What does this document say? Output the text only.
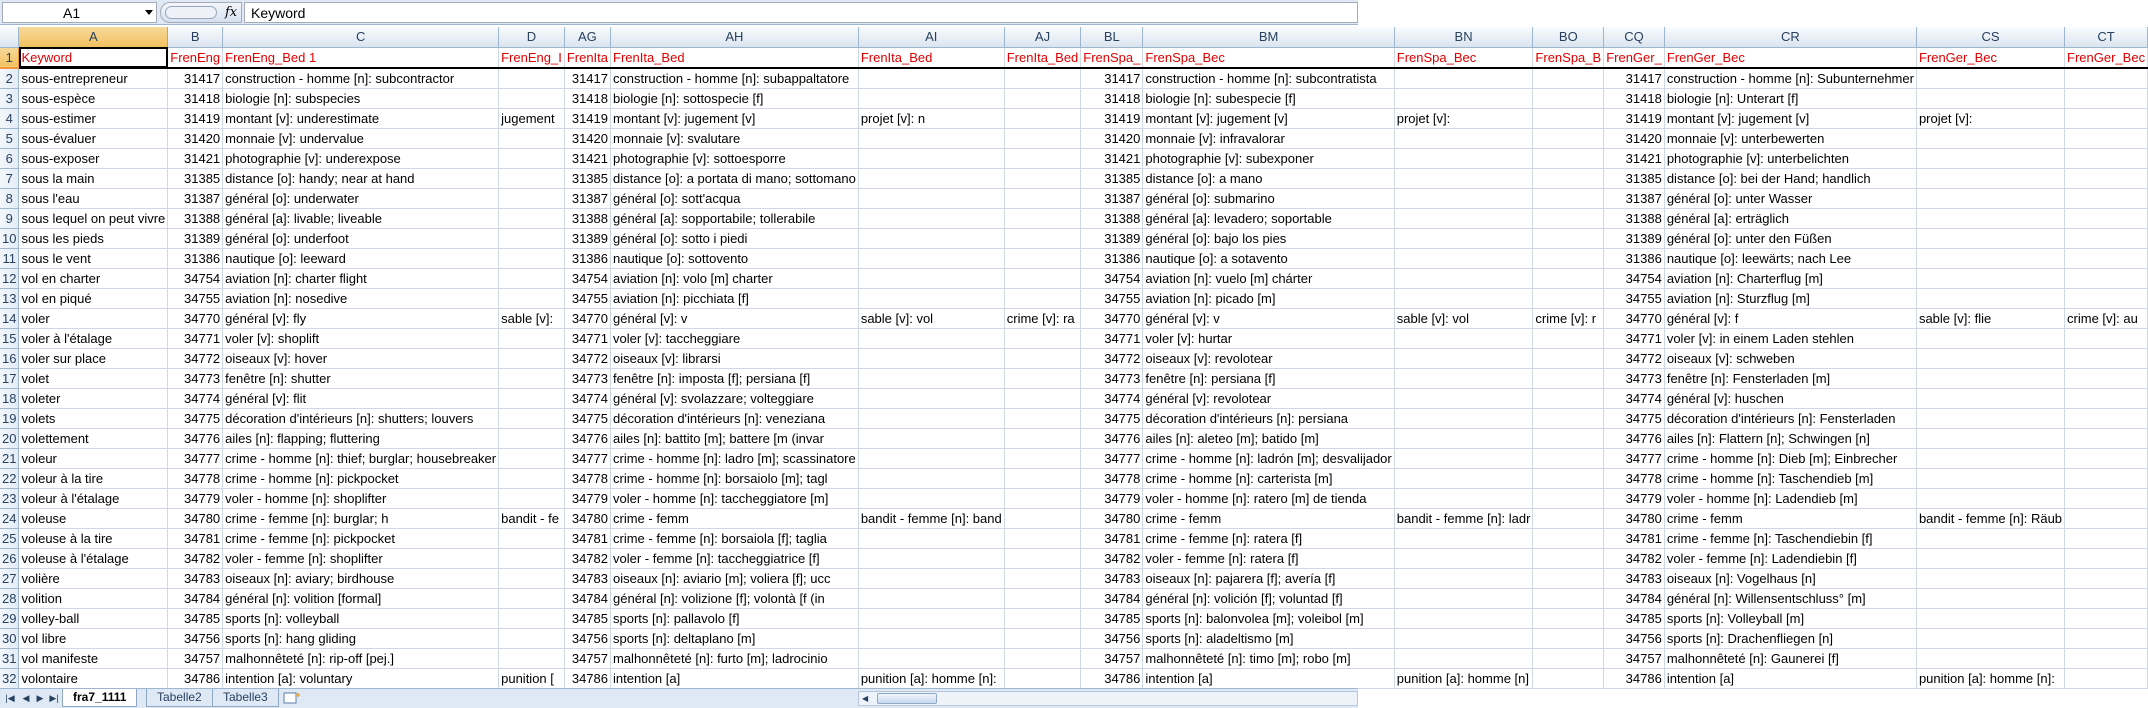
A1	fx Keyword
	A	B	C	D	AG	AH	AI	AJ	BL	BM	BN	BO	CQ	CR	CS	CT
1	Keyword	FrenEng	FrenEng_Bed 1	FrenEng_I	FrenIta	FrenIta_Bed	FrenIta_Bed	FrenIta_Bed	FrenSpa_	FrenSpa_Bec	FrenSpa_Bec	FrenSpa_B	FrenGer_	FrenGer_Bec	FrenGer_Bec	FrenGer_Bec
2	sous-entrepreneur	31417	construction - homme [n]: subcontractor		31417	construction - homme [n]: subappaltatore			31417	construction - homme [n]: subcontratista			31417	construction - homme [n]: Subunternehmer		
3	sous-espèce	31418	biologie [n]: subspecies		31418	biologie [n]: sottospecie [f]			31418	biologie [n]: subespecie [f]			31418	biologie [n]: Unterart [f]		
4	sous-estimer	31419	montant [v]: underestimate	jugement	31419	montant [v]: jugement [v]	projet [v]: n		31419	montant [v]: jugement [v]	projet [v]:		31419	montant [v]: jugement [v]	projet [v]:	
5	sous-évaluer	31420	monnaie [v]: undervalue		31420	monnaie [v]: svalutare			31420	monnaie [v]: infravalorar			31420	monnaie [v]: unterbewerten		
6	sous-exposer	31421	photographie [v]: underexpose		31421	photographie [v]: sottoesporre			31421	photographie [v]: subexponer			31421	photographie [v]: unterbelichten		
7	sous la main	31385	distance [o]: handy; near at hand		31385	distance [o]: a portata di mano; sottomano			31385	distance [o]: a mano			31385	distance [o]: bei der Hand; handlich		
8	sous l'eau	31387	général [o]: underwater		31387	général [o]: sott'acqua			31387	général [o]: submarino			31387	général [o]: unter Wasser		
9	sous lequel on peut vivre	31388	général [a]: livable; liveable		31388	général [a]: sopportabile; tollerabile			31388	général [a]: levadero; soportable			31388	général [a]: erträglich		
10	sous les pieds	31389	général [o]: underfoot		31389	général [o]: sotto i piedi			31389	général [o]: bajo los pies			31389	général [o]: unter den Füßen		
11	sous le vent	31386	nautique [o]: leeward		31386	nautique [o]: sottovento			31386	nautique [o]: a sotavento			31386	nautique [o]: leewärts; nach Lee		
12	vol en charter	34754	aviation [n]: charter flight		34754	aviation [n]: volo [m] charter			34754	aviation [n]: vuelo [m] chárter			34754	aviation [n]: Charterflug [m]		
13	vol en piqué	34755	aviation [n]: nosedive		34755	aviation [n]: picchiata [f]			34755	aviation [n]: picado [m]			34755	aviation [n]: Sturzflug [m]		
14	voler	34770	général [v]: fly	sable [v]:	34770	général [v]: v	sable [v]: vol	crime [v]: ra	34770	général [v]: v	sable [v]: vol	crime [v]: r	34770	général [v]: f	sable [v]: flie	crime [v]: au
15	voler à l'étalage	34771	voler [v]: shoplift		34771	voler [v]: taccheggiare			34771	voler [v]: hurtar			34771	voler [v]: in einem Laden stehlen		
16	voler sur place	34772	oiseaux [v]: hover		34772	oiseaux [v]: librarsi			34772	oiseaux [v]: revolotear			34772	oiseaux [v]: schweben		
17	volet	34773	fenêtre [n]: shutter		34773	fenêtre [n]: imposta [f]; persiana [f]			34773	fenêtre [n]: persiana [f]			34773	fenêtre [n]: Fensterladen [m]		
18	voleter	34774	général [v]: flit		34774	général [v]: svolazzare; volteggiare			34774	général [v]: revolotear			34774	général [v]: huschen		
19	volets	34775	décoration d'intérieurs [n]: shutters; louvers		34775	décoration d'intérieurs [n]: veneziana			34775	décoration d'intérieurs [n]: persiana			34775	décoration d'intérieurs [n]: Fensterladen		
20	volettement	34776	ailes [n]: flapping; fluttering		34776	ailes [n]: battito [m]; battere [m (invar			34776	ailes [n]: aleteo [m]; batido [m]			34776	ailes [n]: Flattern [n]; Schwingen [n]		
21	voleur	34777	crime - homme [n]: thief; burglar; housebreaker		34777	crime - homme [n]: ladro [m]; scassinatore			34777	crime - homme [n]: ladrón [m]; desvalijador			34777	crime - homme [n]: Dieb [m]; Einbrecher		
22	voleur à la tire	34778	crime - homme [n]: pickpocket		34778	crime - homme [n]: borsaiolo [m]; tagl			34778	crime - homme [n]: carterista [m]			34778	crime - homme [n]: Taschendieb [m]		
23	voleur à l'étalage	34779	voler - homme [n]: shoplifter		34779	voler - homme [n]: taccheggiatore [m]			34779	voler - homme [n]: ratero [m] de tienda			34779	voler - homme [n]: Ladendieb [m]		
24	voleuse	34780	crime - femme [n]: burglar; h	bandit - fe	34780	crime - femm	bandit - femme [n]: band		34780	crime - femm	bandit - femme [n]: ladr		34780	crime - femm	bandit - femme [n]: Räub	
25	voleuse à la tire	34781	crime - femme [n]: pickpocket		34781	crime - femme [n]: borsaiola [f]; taglia			34781	crime - femme [n]: ratera [f]			34781	crime - femme [n]: Taschendiebin [f]		
26	voleuse à l'étalage	34782	voler - femme [n]: shoplifter		34782	voler - femme [n]: taccheggiatrice [f]			34782	voler - femme [n]: ratera [f]			34782	voler - femme [n]: Ladendiebin [f]		
27	volière	34783	oiseaux [n]: aviary; birdhouse		34783	oiseaux [n]: aviario [m]; voliera [f]; ucc			34783	oiseaux [n]: pajarera [f]; avería [f]			34783	oiseaux [n]: Vogelhaus [n]		
28	volition	34784	général [n]: volition [formal]		34784	général [n]: volizione [f]; volontà [f (in			34784	général [n]: volición [f]; voluntad [f]			34784	général [n]: Willensentschluss° [m]		
29	volley-ball	34785	sports [n]: volleyball		34785	sports [n]: pallavolo [f]			34785	sports [n]: balonvolea [m]; voleibol [m]			34785	sports [n]: Volleyball [m]		
30	vol libre	34756	sports [n]: hang gliding		34756	sports [n]: deltaplano [m]			34756	sports [n]: aladeltismo [m]			34756	sports [n]: Drachenfliegen [n]		
31	vol manifeste	34757	malhonnêteté [n]: rip-off [pej.]		34757	malhonnêteté [n]: furto [m]; ladrocinio			34757	malhonnêteté [n]: timo [m]; robo [m]			34757	malhonnêteté [n]: Gaunerei [f]		
32	volontaire	34786	intention [a]: voluntary	punition [	34786	intention [a]	punition [a]: homme [n]:		34786	intention [a]	punition [a]: homme [n]		34786	intention [a]	punition [a]: homme [n]:	
|◀ ◀ ▶ ▶|	fra7_1111	Tabelle2	Tabelle3	◀
